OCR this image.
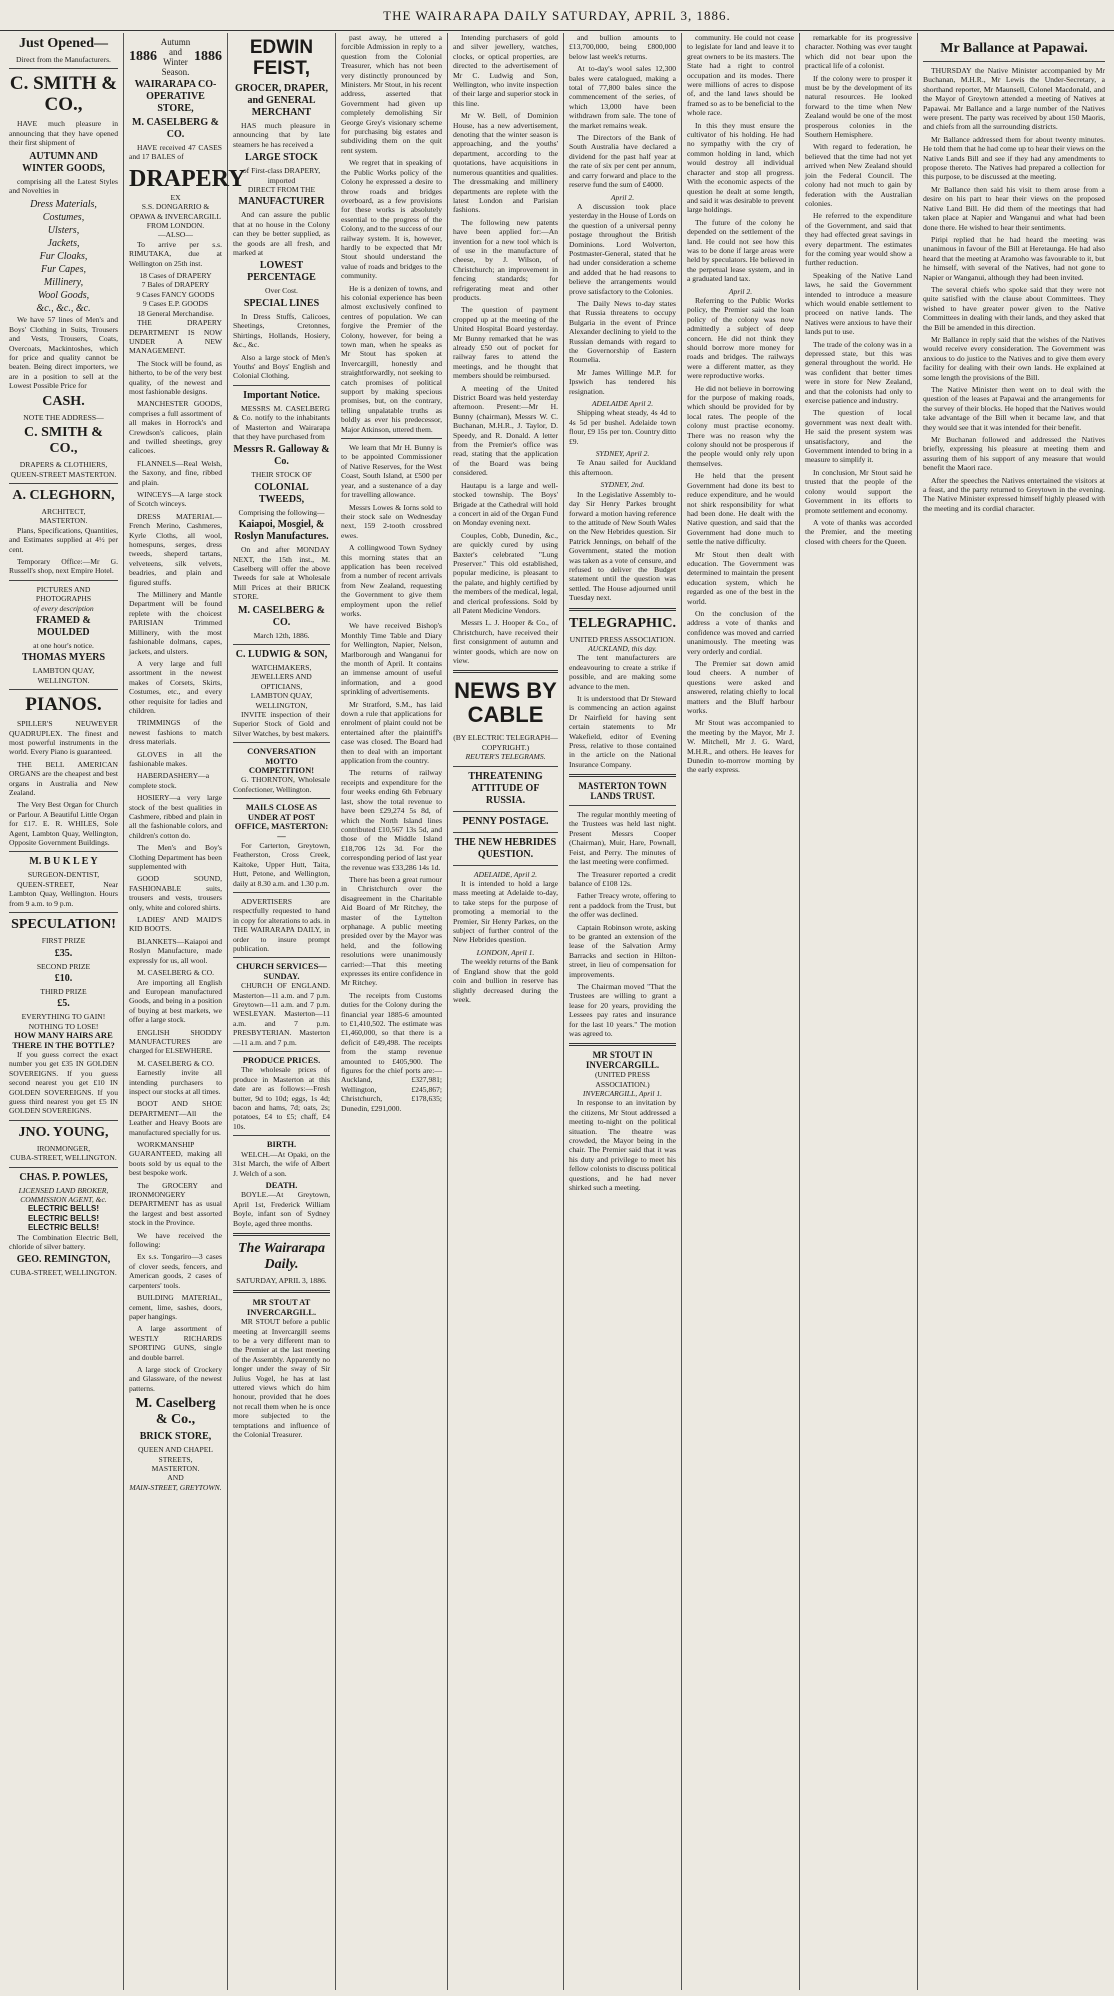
THE WAIRARAPA DAILY SATURDAY, APRIL 3, 1886.
Just Opened—
Direct from the Manufacturers.
C. SMITH & CO.,

HAVE much pleasure in announcing that they have opened their first shipment of

AUTUMN AND WINTER GOODS,

comprising all the Latest Styles and Novelties in

Dress Materials,
Costumes,
Ulsters,
Jackets,
Fur Cloaks,
Fur Capes,
Millinery,
Wool Goods,
&c., &c., &c.

We have 57 lines of Men's and Boys' Clothing in Suits, Trousers and Vests, Trousers, Coats, Overcoats, Mackintoshes, which for price and quality cannot be beaten. Being direct importers, we are in a position to sell at the Lowest Possible Price for

CASH.
NOTE THE ADDRESS—
C. SMITH & CO.,
DRAPERS & CLOTHIERS,
QUEEN-STREET MASTERTON.
A. CLEGHORN,
ARCHITECT,
MASTERTON.

Plans, Specifications, Quantities, and Estimates supplied at 4½ per cent.

Temporary Office:—Mr G. Russell's shop, next Empire Hotel.

PICTURES AND PHOTOGRAPHS
of every description
FRAMED & MOULDED
at one hour's notice.
THOMAS MYERS
LAMBTON QUAY, WELLINGTON.
PIANOS.

SPILLER'S NEUWEYER QUADRUPLEX. The finest and most powerful instruments in the world. Every Piano is guaranteed.

THE BELL AMERICAN ORGANS are the cheapest and best organs in Australia and New Zealand.

The Very Best Organ for Church or Parlour. A Beautiful Little Organ for £17. E. R. WHILES, Sole Agent, Lambton Quay, Wellington, Opposite Government Buildings.

M. B U K L E Y
SURGEON-DENTIST,

QUEEN-STREET, Near Lambton Quay, Wellington. Hours from 9 a.m. to 9 p.m.

SPECULATION!
FIRST PRIZE
£35.
SECOND PRIZE
£10.
THIRD PRIZE
£5.
EVERYTHING TO GAIN!
NOTHING TO LOSE!
HOW MANY HAIRS ARE THERE IN THE BOTTLE?

If you guess correct the exact number you get £35 IN GOLDEN SOVEREIGNS. If you guess second nearest you get £10 IN GOLDEN SOVEREIGNS. If you guess third nearest you get £5 IN GOLDEN SOVEREIGNS.

JNO. YOUNG,
IRONMONGER,
CUBA-STREET, WELLINGTON.
CHAS. P. POWLES,
LICENSED LAND BROKER, COMMISSION AGENT, &c.
ELECTRIC BELLS! ELECTRIC BELLS! ELECTRIC BELLS!

The Combination Electric Bell, chloride of silver battery.

GEO. REMINGTON,
CUBA-STREET, WELLINGTON.
1886
Autumn and Winter Season.
1886
WAIRARAPA CO-OPERATIVE STORE,
M. CASELBERG & CO.

HAVE received 47 CASES and 17 BALES of

DRAPERY
EX
S.S. DONGARRIO & OPAWA & INVERCARGILL
FROM LONDON.
—ALSO—

To arrive per s.s. RIMUTAKA, due at Wellington on 25th inst.

18 Cases of DRAPERY
7 Bales of DRAPERY
9 Cases FANCY GOODS
9 Cases E.P. GOODS
18 General Merchandise.

THE DRAPERY DEPARTMENT IS NOW UNDER A NEW MANAGEMENT.

The Stock will be found, as hitherto, to be of the very best quality, of the newest and most fashionable designs.

MANCHESTER GOODS, comprises a full assortment of all makes in Horrock's and Crewdson's calicoes, plain and twilled sheetings, grey calicoes.

FLANNELS—Real Welsh, the Saxony, and fine, ribbed and plain.

WINCEYS—A large stock of Scotch winceys.

DRESS MATERIAL—French Merino, Cashmeres, Kyrle Cloths, all wool, homespuns, serges, dress tweeds, sheperd tartans, velveteens, silk velvets, beadries, and plain and figured stuffs.

The Millinery and Mantle Department will be found replete with the choicest PARISIAN Trimmed Millinery, with the most fashionable dolmans, capes, jackets, and ulsters.

A very large and full assortment in the newest makes of Corsets, Skirts, Costumes, etc., and every other requisite for ladies and children.

TRIMMINGS of the newest fashions to match dress materials.

GLOVES in all the fashionable makes.

HABERDASHERY—a complete stock.

HOSIERY—a very large stock of the best qualities in Cashmere, ribbed and plain in all the fashionable colors, and children's cotton do.

The Men's and Boy's Clothing Department has been supplemented with

GOOD SOUND, FASHIONABLE suits, trousers and vests, trousers only, white and colored shirts.

LADIES' AND MAID'S KID BOOTS.

BLANKETS—Kaiapoi and Roslyn Manufacture, made expressly for us, all wool.

M. CASELBERG & CO.

Are importing all English and European manufactured Goods, and being in a position of buying at best markets, we offer a large stock.

ENGLISH SHODDY MANUFACTURES are charged for ELSEWHERE.

M. CASELBERG & CO.

Earnestly invite all intending purchasers to inspect our stocks at all times.

BOOT AND SHOE DEPARTMENT—All the Leather and Heavy Boots are manufactured specially for us.

WORKMANSHIP GUARANTEED, making all boots sold by us equal to the best bespoke work.

The GROCERY and IRONMONGERY DEPARTMENT has as usual the largest and best assorted stock in the Province.

We have received the following:

Ex s.s. Tongariro—3 cases of clover seeds, fencers, and American goods, 2 cases of carpenters' tools.

BUILDING MATERIAL, cement, lime, sashes, doors, paper hangings.

A large assortment of WESTLY RICHARDS SPORTING GUNS, single and double barrel.

A large stock of Crockery and Glassware, of the newest patterns.

M. Caselberg & Co.,
BRICK STORE,
QUEEN AND CHAPEL STREETS,
MASTERTON.
AND
MAIN-STREET, GREYTOWN.
EDWIN FEIST,
GROCER, DRAPER, and GENERAL MERCHANT

HAS much pleasure in announcing that by late steamers he has received a

LARGE STOCK
of First-class DRAPERY, imported
DIRECT FROM THE
MANUFACTURER

And can assure the public that at no house in the Colony can they be better supplied, as the goods are all fresh, and marked at

LOWEST PERCENTAGE
Over Cost.
SPECIAL LINES

In Dress Stuffs, Calicoes, Sheetings, Cretonnes, Shirtings, Hollands, Hosiery, &c., &c.

Also a large stock of Men's Youths' and Boys' English and Colonial Clothing.

Important Notice.

MESSRS M. CASELBERG & Co. notify to the inhabitants of Masterton and Wairarapa that they have purchased from

Messrs R. Galloway & Co.
THEIR STOCK OF
COLONIAL TWEEDS,
Comprising the following—
Kaiapoi, Mosgiel, & Roslyn Manufactures.

On and after MONDAY NEXT, the 15th inst., M. Caselberg will offer the above Tweeds for sale at Wholesale Mill Prices at their BRICK STORE.

M. CASELBERG & CO.
March 12th, 1886.
C. LUDWIG & SON,
WATCHMAKERS, JEWELLERS AND OPTICIANS,
LAMBTON QUAY, WELLINGTON,

INVITE inspection of their Superior Stock of Gold and Silver Watches, by best makers.

CONVERSATION MOTTO COMPETITION!

G. THORNTON, Wholesale Confectioner, Wellington.

MAILS CLOSE AS UNDER AT POST OFFICE, MASTERTON:—

For Carterton, Greytown, Featherston, Cross Creek, Kaitoke, Upper Hutt, Taita, Hutt, Petone, and Wellington, daily at 8.30 a.m. and 1.30 p.m.

ADVERTISERS are respectfully requested to hand in copy for alterations to ads. in THE WAIRARAPA DAILY, in order to insure prompt publication.

CHURCH SERVICES—SUNDAY.

CHURCH OF ENGLAND. Masterton—11 a.m. and 7 p.m. Greytown—11 a.m. and 7 p.m. WESLEYAN. Masterton—11 a.m. and 7 p.m. PRESBYTERIAN. Masterton—11 a.m. and 7 p.m.

PRODUCE PRICES.

The wholesale prices of produce in Masterton at this date are as follows:—Fresh butter, 9d to 10d; eggs, 1s 4d; bacon and hams, 7d; oats, 2s; potatoes, £4 to £5; chaff, £4 10s.

BIRTH.

WELCH.—At Opaki, on the 31st March, the wife of Albert J. Welch of a son.

DEATH.

BOYLE.—At Greytown, April 1st, Frederick William Boyle, infant son of Sydney Boyle, aged three months.

The Wairarapa Daily.
SATURDAY, APRIL 3, 1886.
MR STOUT AT INVERCARGILL.

MR STOUT before a public meeting at Invercargill seems to be a very different man to the Premier at the last meeting of the Assembly. Apparently no longer under the sway of Sir Julius Vogel, he has at last uttered views which do him honour, provided that he does not recall them when he is once more subjected to the temptations and influence of the Colonial Treasurer.

past away, he uttered a forcible Admission in reply to a question from the Colonial Treasurer, which has not been very distinctly pronounced by Ministers. Mr Stout, in his recent address, asserted that Government had given up completely demolishing Sir George Grey's visionary scheme for purchasing big estates and subdividing them on the quit rent system.

We regret that in speaking of the Public Works policy of the Colony he expressed a desire to throw roads and bridges overboard, as a few provisions for these works is absolutely essential to the progress of the Colony, and to the success of our railway system. It is, however, hardly to be expected that Mr Stout should understand the value of roads and bridges to the community.

He is a denizen of towns, and his colonial experience has been almost exclusively confined to centres of population. We can forgive the Premier of the Colony, however, for being a town man, when he speaks as Mr Stout has spoken at Invercargill, honestly and straightforwardly, not seeking to catch promises of political support by making specious promises, but, on the contrary, telling unpalatable truths as boldly as ever his predecessor, Major Atkinson, uttered them.

We learn that Mr H. Bunny is to be appointed Commissioner of Native Reserves, for the West Coast, South Island, at £500 per year, and a sustenance of a day for travelling allowance.

Messrs Lowes & Iorns sold to their stock sale on Wednesday next, 159 2-tooth crossbred ewes.

A collingwood Town Sydney this morning states that an application has been received from a number of recent arrivals from New Zealand, requesting the Government to give them employment upon the relief works.

We have received Bishop's Monthly Time Table and Diary for Wellington, Napier, Nelson, Marlborough and Wanganui for the month of April. It contains an immense amount of useful information, and a good sprinkling of advertisements.

Mr Stratford, S.M., has laid down a rule that applications for enrolment of plaint could not be entertained after the plaintiff's case was closed. The Board had then to deal with an important application from the country.

The returns of railway receipts and expenditure for the four weeks ending 6th February last, show the total revenue to have been £29,274 5s 8d, of which the North Island lines contributed £10,567 13s 5d, and those of the Middle Island £18,706 12s 3d. For the corresponding period of last year the revenue was £33,286 14s 1d.

There has been a great rumour in Christchurch over the disagreement in the Charitable Aid Board of Mr Ritchey, the master of the Lyttelton orphanage. A public meeting presided over by the Mayor was held, and the following resolutions were unanimously carried:—That this meeting expresses its entire confidence in Mr Ritchey.

The receipts from Customs duties for the Colony during the financial year 1885-6 amounted to £1,410,502. The estimate was £1,460,000, so that there is a deficit of £49,498. The receipts from the stamp revenue amounted to £405,900. The figures for the chief ports are:—Auckland, £327,981; Wellington, £245,867; Christchurch, £178,635; Dunedin, £291,000.

Intending purchasers of gold and silver jewellery, watches, clocks, or optical properties, are directed to the advertisement of Mr C. Ludwig and Son, Wellington, who invite inspection of their large and superior stock in this line.

Mr W. Bell, of Dominion House, has a new advertisement, denoting that the winter season is approaching, and the youths' department, according to the quotations, have acquisitions in numerous quantities and qualities. The dressmaking and millinery departments are replete with the latest London and Parisian fashions.

The following new patents have been applied for:—An invention for a new tool which is of use in the manufacture of cheese, by J. Wilson, of Christchurch; an improvement in fencing standards; for refrigerating meat and other products.

The question of payment cropped up at the meeting of the United Hospital Board yesterday. Mr Bunny remarked that he was already £50 out of pocket for railway fares to attend the meetings, and he thought that members should be reimbursed.

A meeting of the United District Board was held yesterday afternoon. Present:—Mr H. Bunny (chairman), Messrs W. C. Buchanan, M.H.R., J. Taylor, D. Speedy, and R. Donald. A letter from the Premier's office was read, stating that the application of the Board was being considered.

Hautapu is a large and well-stocked township. The Boys' Brigade at the Cathedral will hold a concert in aid of the Organ Fund on Monday evening next.

Couples, Cobb, Dunedin, &c., are quickly cured by using Baxter's celebrated "Lung Preserver." This old established, popular medicine, is pleasant to the palate, and highly certified by the members of the medical, legal, and clerical professions. Sold by all Patent Medicine Vendors.

Messrs L. J. Hooper & Co., of Christchurch, have received their first consignment of autumn and winter goods, which are now on view.

NEWS BY CABLE
(BY ELECTRIC TELEGRAPH—COPYRIGHT.)
REUTER'S TELEGRAMS.
THREATENING ATTITUDE OF RUSSIA.
PENNY POSTAGE.
THE NEW HEBRIDES QUESTION.
ADELAIDE, April 2.

It is intended to hold a large mass meeting at Adelaide to-day, to take steps for the purpose of promoting a memorial to the Premier, Sir Henry Parkes, on the subject of further control of the New Hebrides question.

LONDON, April 1.

The weekly returns of the Bank of England show that the gold coin and bullion in reserve has slightly decreased during the week.

and bullion amounts to £13,700,000, being £800,000 below last week's returns.

At to-day's wool sales 12,300 bales were catalogued, making a total of 77,800 bales since the commencement of the series, of which 13,000 have been withdrawn from sale. The tone of the market remains weak.

The Directors of the Bank of South Australia have declared a dividend for the past half year at the rate of six per cent per annum, and carry forward and place to the reserve fund the sum of £4000.

April 2.

A discussion took place yesterday in the House of Lords on the question of a universal penny postage throughout the British Dominions. Lord Wolverton, Postmaster-General, stated that he had under consideration a scheme and added that he had reasons to believe the arrangements would prove satisfactory to the Colonies.

The Daily News to-day states that Russia threatens to occupy Bulgaria in the event of Prince Alexander declining to yield to the Russian demands with regard to the Governorship of Eastern Roumelia.

Mr James Willinge M.P. for Ipswich has tendered his resignation.

ADELAIDE April 2.

Shipping wheat steady, 4s 4d to 4s 5d per bushel. Adelaide town flour, £9 15s per ton. Country ditto £9.

SYDNEY, April 2.

Te Anau sailed for Auckland this afternoon.

SYDNEY, 2nd.

In the Legislative Assembly to-day Sir Henry Parkes brought forward a motion having reference to the attitude of New South Wales on the New Hebrides question. Sir Patrick Jennings, on behalf of the Government, stated the motion was taken as a vote of censure, and refused to deliver the Budget statement until the question was settled. The House adjourned until Tuesday next.

TELEGRAPHIC.
UNITED PRESS ASSOCIATION.
AUCKLAND, this day.

The tent manufacturers are endeavouring to create a strike if possible, and are making some advance to the men.

It is understood that Dr Steward is commencing an action against Dr Nairfield for having sent certain statements to Mr Wakefield, editor of Evening Press, relative to those contained in the article on the National Insurance Company.

MASTERTON TOWN LANDS TRUST.

The regular monthly meeting of the Trustees was held last night. Present Messrs Cooper (Chairman), Muir, Hare, Pownall, Feist, and Perry. The minutes of the last meeting were confirmed.

The Treasurer reported a credit balance of £108 12s.

Father Treacy wrote, offering to rent a paddock from the Trust, but the offer was declined.

Captain Robinson wrote, asking to be granted an extension of the lease of the Salvation Army Barracks and section in Hilton-street, in lieu of compensation for improvements.

The Chairman moved "That the Trustees are willing to grant a lease for 20 years, providing the Lessees pay rates and insurance for the last 10 years." The motion was agreed to.

MR STOUT IN INVERCARGILL.
(UNITED PRESS ASSOCIATION.)
INVERCARGILL, April 1.

In response to an invitation by the citizens, Mr Stout addressed a meeting to-night on the political situation. The theatre was crowded, the Mayor being in the chair. The Premier said that it was his duty and privilege to meet his fellow colonists to discuss political questions, and he had never shirked such a meeting.

community. He could not cease to legislate for land and leave it to great owners to be its masters. The State had a right to control occupation and its modes. There were millions of acres to dispose of, and the land laws should be framed so as to be beneficial to the whole race.

In this they must ensure the cultivator of his holding. He had no sympathy with the cry of common holding in land, which would destroy all individual character and stop all progress. With the economic aspects of the question he dealt at some length, and said it was desirable to prevent large holdings.

The future of the colony he depended on the settlement of the land. He could not see how this was to be done if large areas were held by speculators. He believed in the perpetual lease system, and in a graduated land tax.

April 2.

Referring to the Public Works policy, the Premier said the loan policy of the colony was now admittedly a subject of deep concern. He did not think they should borrow more money for roads and bridges. The railways were a different matter, as they were reproductive works.

He did not believe in borrowing for the purpose of making roads, which should be provided for by local rates. The people of the colony must practise economy. There was no reason why the colony should not be prosperous if the people would only rely upon themselves.

He held that the present Government had done its best to reduce expenditure, and he would not shirk responsibility for what had been done. He dealt with the Native question, and said that the Government had done much to settle the native difficulty.

Mr Stout then dealt with education. The Government was determined to maintain the present education system, which he regarded as one of the best in the world.

On the conclusion of the address a vote of thanks and confidence was moved and carried unanimously. The meeting was very orderly and cordial.

The Premier sat down amid loud cheers. A number of questions were asked and answered, relating chiefly to local matters and the Bluff harbour works.

Mr Stout was accompanied to the meeting by the Mayor, Mr J. W. Mitchell, Mr J. G. Ward, M.H.R., and others. He leaves for Dunedin to-morrow morning by the early express.

remarkable for its progressive character. Nothing was ever taught which did not bear upon the practical life of a colonist.

If the colony were to prosper it must be by the development of its natural resources. He looked forward to the time when New Zealand would be one of the most prosperous colonies in the Southern Hemisphere.

With regard to federation, he believed that the time had not yet arrived when New Zealand should join the Federal Council. The colony had not much to gain by federation with the Australian colonies.

He referred to the expenditure of the Government, and said that they had effected great savings in every department. The estimates for the coming year would show a further reduction.

Speaking of the Native Land laws, he said the Government intended to introduce a measure which would enable settlement to proceed on native lands. The Natives were anxious to have their lands put to use.

The trade of the colony was in a depressed state, but this was general throughout the world. He was confident that better times were in store for New Zealand, and that the colonists had only to exercise patience and industry.

The question of local government was next dealt with. He said the present system was unsatisfactory, and the Government intended to bring in a measure to simplify it.

In conclusion, Mr Stout said he trusted that the people of the colony would support the Government in its efforts to promote settlement and economy.

A vote of thanks was accorded the Premier, and the meeting closed with cheers for the Queen.

Mr Ballance at Papawai.

THURSDAY the Native Minister accompanied by Mr Buchanan, M.H.R., Mr Lewis the Under-Secretary, a shorthand reporter, Mr Maunsell, Colonel Macdonald, and the Mayor of Greytown attended a meeting of Natives at Papawai. Mr Ballance and a large number of the Natives were present. The party was received by about 150 Maoris, and chiefs from all the surrounding districts.

Mr Ballance addressed them for about twenty minutes. He told them that he had come up to hear their views on the Native Lands Bill and see if they had any amendments to propose thereto. The Natives had prepared a collection for this purpose, to be discussed at the meeting.

Mr Ballance then said his visit to them arose from a desire on his part to hear their views on the proposed Native Land Bill. He did them of the meetings that had taken place at Napier and Wanganui and what had been done there. He wished to hear their sentiments.

Piripi replied that he had heard the meeting was unanimous in favour of the Bill at Heretaunga. He had also heard that the meeting at Aramoho was favourable to it, but he himself, with several of the Natives, had not gone to Napier or Wanganui, although they had been invited.

The several chiefs who spoke said that they were not quite satisfied with the clause about Committees. They wished to have greater power given to the Native Committees in dealing with their lands, and they asked that the Bill be amended in this direction.

Mr Ballance in reply said that the wishes of the Natives would receive every consideration. The Government was anxious to do justice to the Natives and to give them every facility for dealing with their own lands. He explained at some length the provisions of the Bill.

The Native Minister then went on to deal with the question of the leases at Papawai and the arrangements for the survey of their blocks. He hoped that the Natives would take advantage of the Bill when it became law, and that they would see that it was intended for their benefit.

Mr Buchanan followed and addressed the Natives briefly, expressing his pleasure at meeting them and assuring them of his support of any measure that would benefit the Maori race.

After the speeches the Natives entertained the visitors at a feast, and the party returned to Greytown in the evening. The Native Minister expressed himself highly pleased with the meeting and its cordial character.
